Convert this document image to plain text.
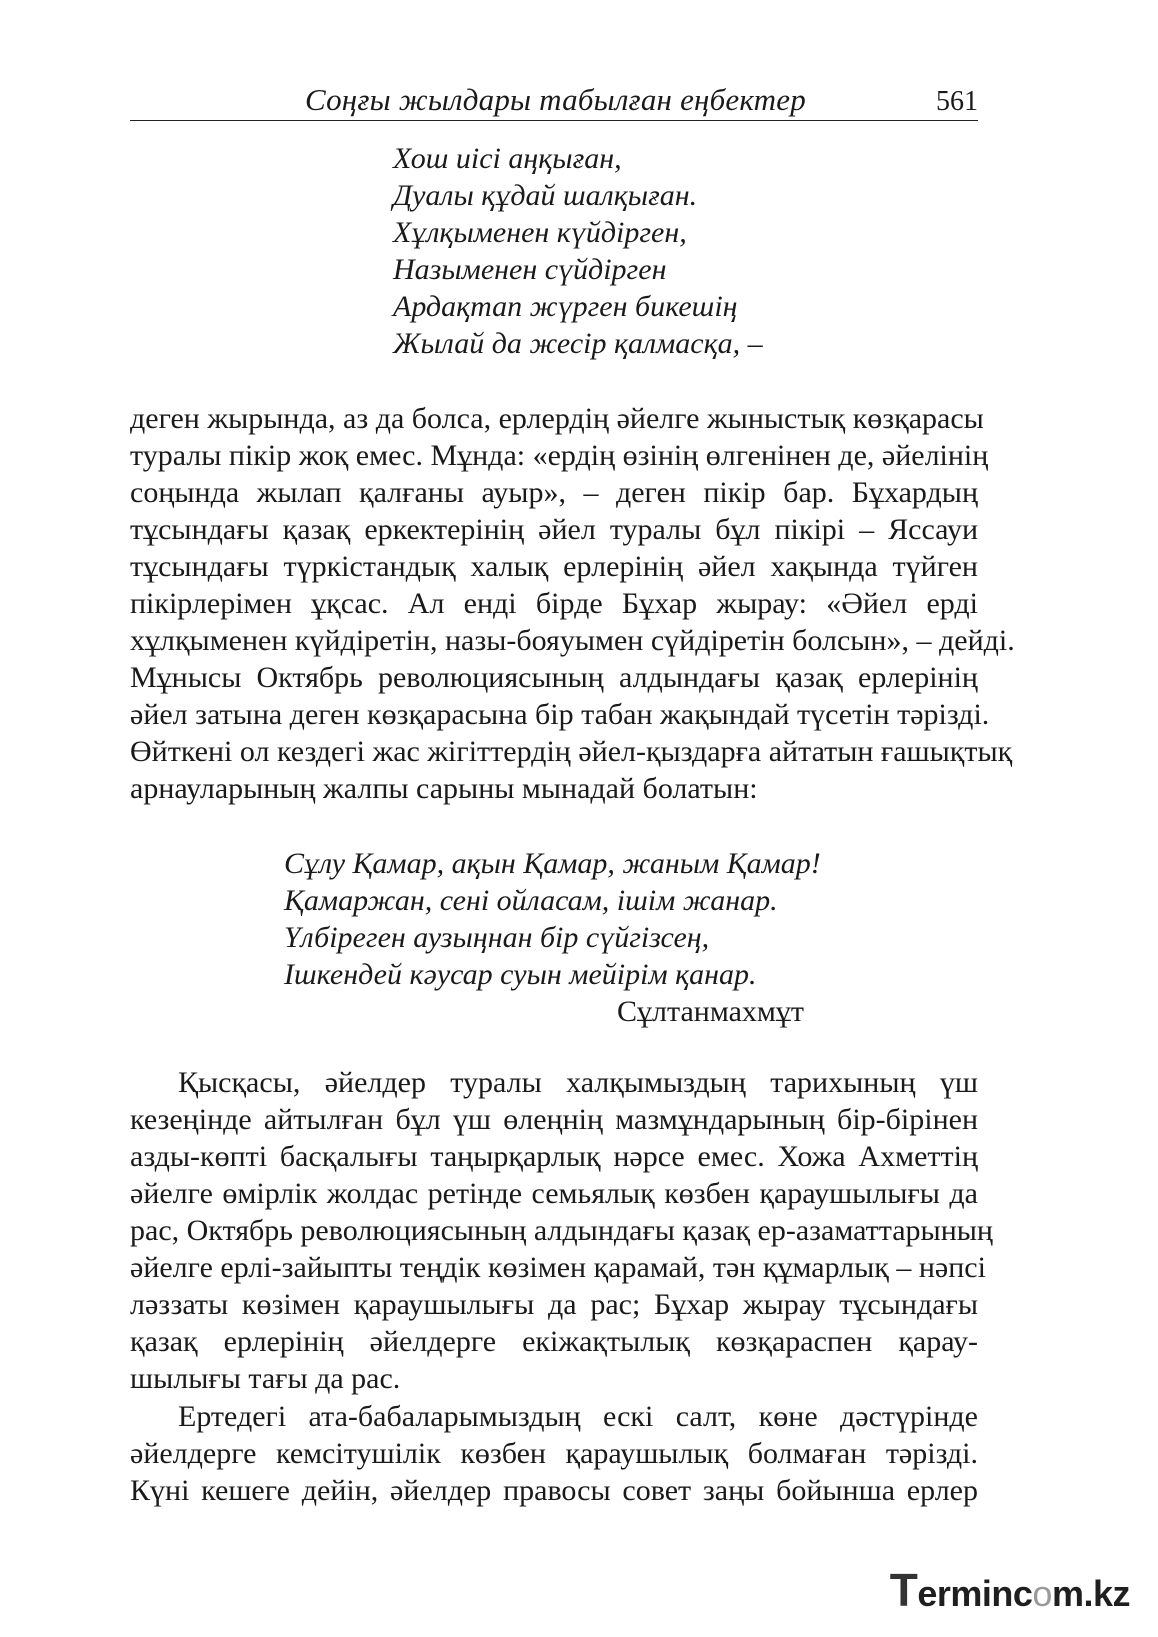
Соңғы жылдары табылған еңбектер	561
Хош иісі аңқыған,
Дуалы құдай шалқыған.
Хұлқыменен күйдірген,
Назыменен сүйдірген
Ардақтап жүрген бикешің
Жылай да жесір қалмасқа, –
деген жырында, аз да болса, ерлердің әйелге жыныстық көзқарасы
туралы пікір жоқ емес. Мұнда: «ердің өзінің өлгенінен де, әйелінің
соңында жылап қалғаны ауыр», – деген пікір бар. Бұхардың
тұсындағы қазақ еркектерінің әйел туралы бұл пікірі – Яссауи
тұсындағы түркістандық халық ерлерінің әйел хақында түйген
пікірлерімен ұқсас. Ал енді бірде Бұхар жырау: «Әйел ерді
хұлқыменен күйдіретін, назы-бояуымен сүйдіретін болсын», – дейді.
Мұнысы Октябрь революциясының алдындағы қазақ ерлерінің
әйел затына деген көзқарасына бір табан жақындай түсетін тәрізді.
Өйткені ол кездегі жас жігіттердің әйел-қыздарға айтатын ғашықтық
арнауларының жалпы сарыны мынадай болатын:
Сұлу Қамар, ақын Қамар, жаным Қамар!
Қамаржан, сені ойласам, ішім жанар.
Үлбіреген аузыңнан бір сүйгізсең,
Ішкендей кәусар суын мейірім қанар.
Сұлтанмахмұт
Қысқасы, әйелдер туралы халқымыздың тарихының үш
кезеңінде айтылған бұл үш өлеңнің мазмұндарының бір-бірінен
азды-көпті басқалығы таңырқарлық нәрсе емес. Хожа Ахметтің
әйелге өмірлік жолдас ретінде семьялық көзбен қараушылығы да
рас, Октябрь революциясының алдындағы қазақ ер-азаматтарының
әйелге ерлі-зайыпты теңдік көзімен қарамай, тән құмарлық – нәпсі
ләззаты көзімен қараушылығы да рас; Бұхар жырау тұсындағы
қазақ ерлерінің әйелдерге екіжақтылық көзқараспен қарау-
шылығы тағы да рас.
Ертедегі ата-бабаларымыздың ескі салт, көне дәстүрінде
әйелдерге кемсітушілік көзбен қараушылық болмаған тәрізді.
Күні кешеге дейін, әйелдер правосы совет заңы бойынша ерлер
Termincom.kz
